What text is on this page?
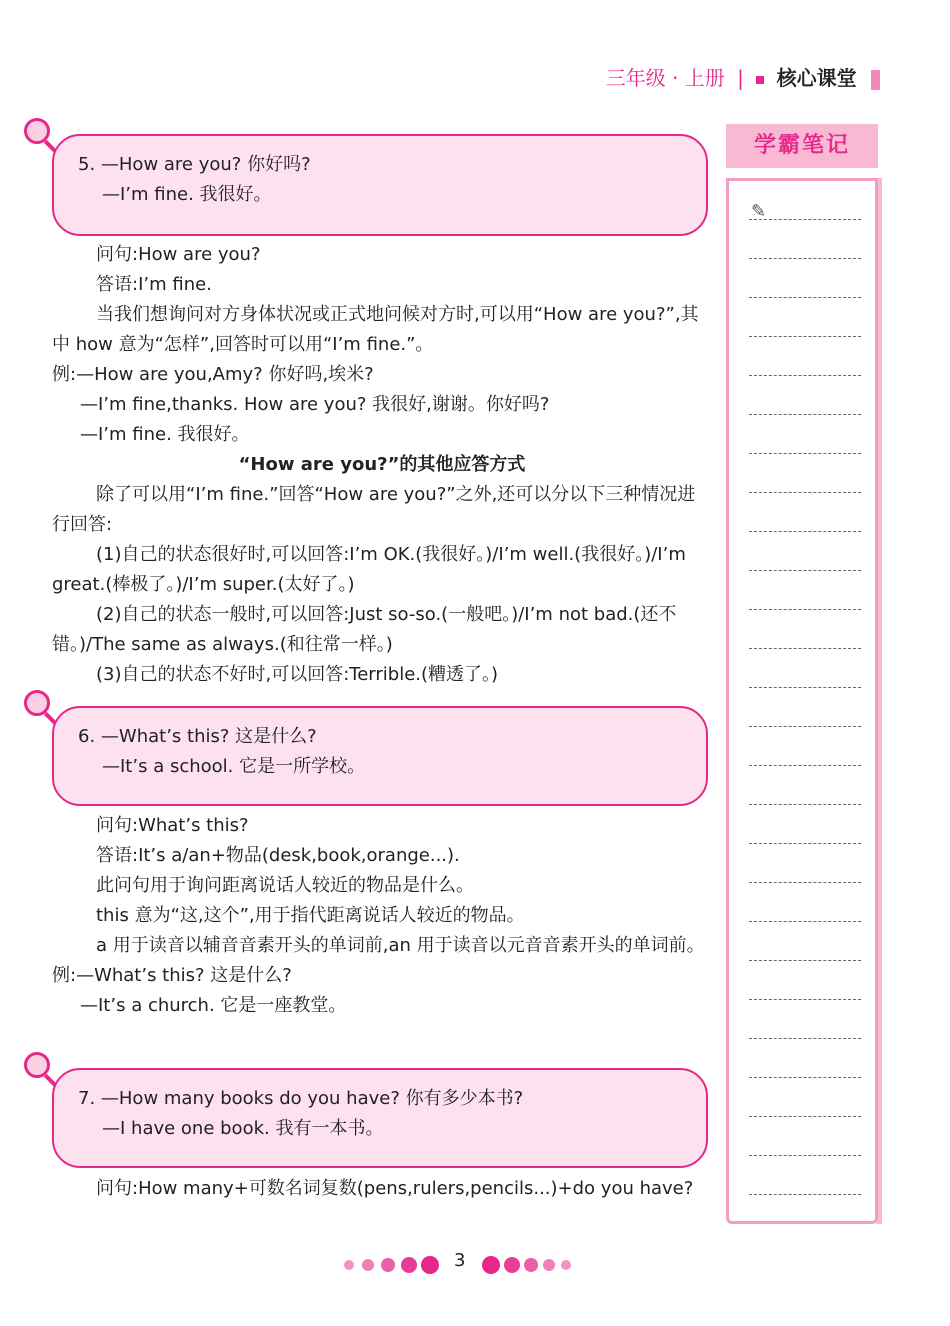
三年级 · 上册 | 核心课堂
5. —How are you? 你好吗?
—I’m fine. 我很好。

问句:How are you?

答语:I’m fine.

当我们想询问对方身体状况或正式地问候对方时,可以用“How are you?”,其中 how 意为“怎样”,回答时可以用“I’m fine.”。

例:—How are you,Amy? 你好吗,埃米?

—I’m fine,thanks. How are you? 我很好,谢谢。你好吗?

—I’m fine. 我很好。

“How are you?”的其他应答方式

除了可以用“I’m fine.”回答“How are you?”之外,还可以分以下三种情况进行回答:

(1)自己的状态很好时,可以回答:I’m OK.(我很好。)/I’m well.(我很好。)/I’m great.(棒极了。)/I’m super.(太好了。)

(2)自己的状态一般时,可以回答:Just so-so.(一般吧。)/I’m not bad.(还不错。)/The same as always.(和往常一样。)

(3)自己的状态不好时,可以回答:Terrible.(糟透了。)

6. —What’s this? 这是什么?
—It’s a school. 它是一所学校。

问句:What’s this?

答语:It’s a/an+物品(desk,book,orange...).

此问句用于询问距离说话人较近的物品是什么。

this 意为“这,这个”,用于指代距离说话人较近的物品。

a 用于读音以辅音音素开头的单词前,an 用于读音以元音音素开头的单词前。

例:—What’s this? 这是什么?

—It’s a church. 它是一座教堂。

7. —How many books do you have? 你有多少本书?
—I have one book. 我有一本书。

问句:How many+可数名词复数(pens,rulers,pencils...)+do you have?

学霸笔记
✎
3
